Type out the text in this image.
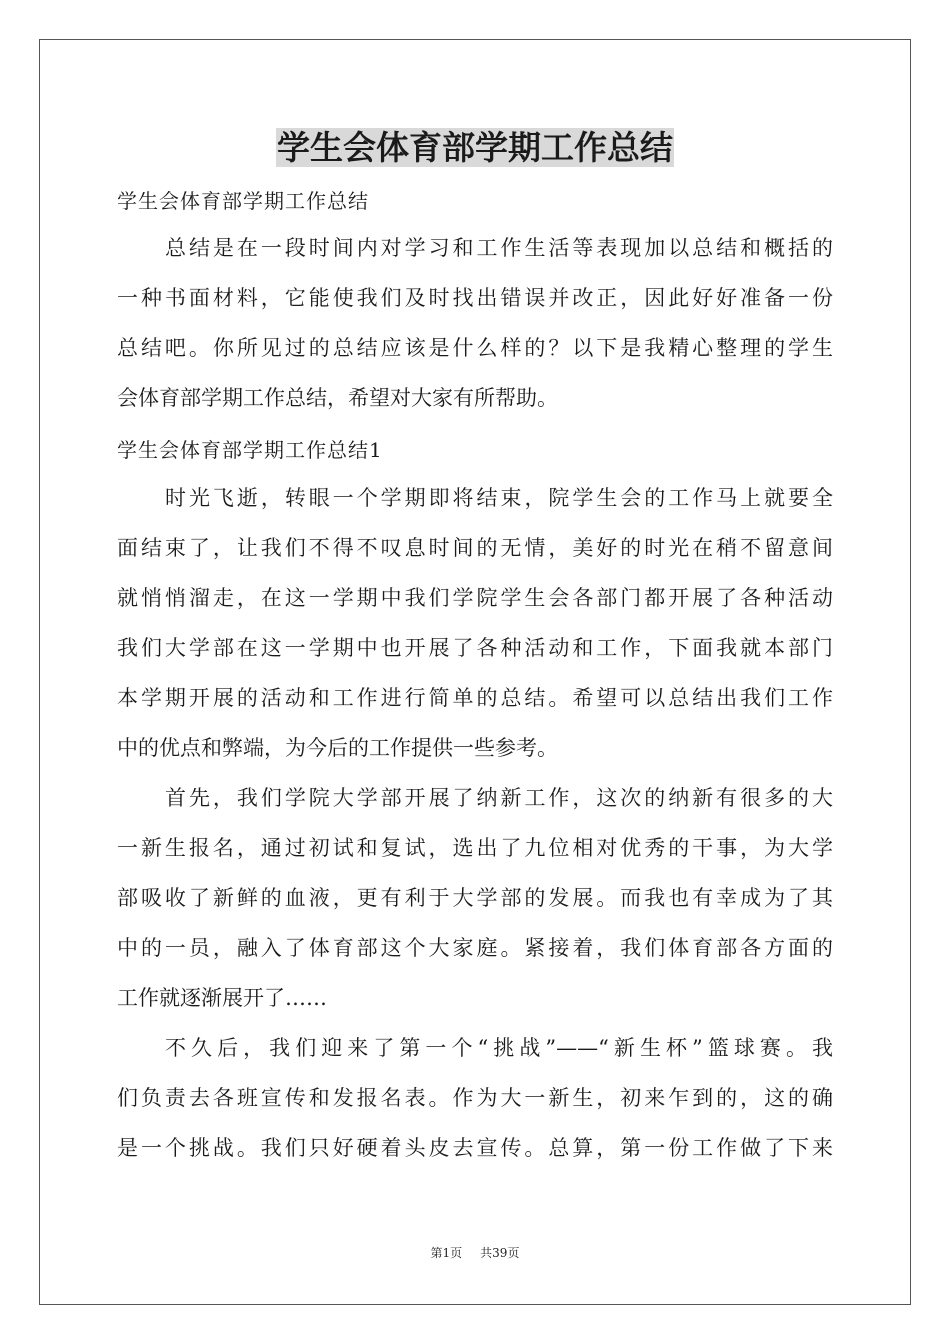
学生会体育部学期工作总结

学生会体育部学期工作总结

总结是在一段时间内对学习和工作生活等表现加以总结和概括的

一种书面材料，它能使我们及时找出错误并改正，因此好好准备一份

总结吧。你所见过的总结应该是什么样的？以下是我精心整理的学生

会体育部学期工作总结，希望对大家有所帮助。

学生会体育部学期工作总结1

时光飞逝，转眼一个学期即将结束，院学生会的工作马上就要全

面结束了，让我们不得不叹息时间的无情，美好的时光在稍不留意间

就悄悄溜走，在这一学期中我们学院学生会各部门都开展了各种活动

我们大学部在这一学期中也开展了各种活动和工作，下面我就本部门

本学期开展的活动和工作进行简单的总结。希望可以总结出我们工作

中的优点和弊端，为今后的工作提供一些参考。

首先，我们学院大学部开展了纳新工作，这次的纳新有很多的大

一新生报名，通过初试和复试，选出了九位相对优秀的干事，为大学

部吸收了新鲜的血液，更有利于大学部的发展。而我也有幸成为了其

中的一员，融入了体育部这个大家庭。紧接着，我们体育部各方面的

工作就逐渐展开了……

不久后，我们迎来了第一个“挑战”——“新生杯”篮球赛。我

们负责去各班宣传和发报名表。作为大一新生，初来乍到的，这的确

是一个挑战。我们只好硬着头皮去宣传。总算，第一份工作做了下来

第1页 共39页
